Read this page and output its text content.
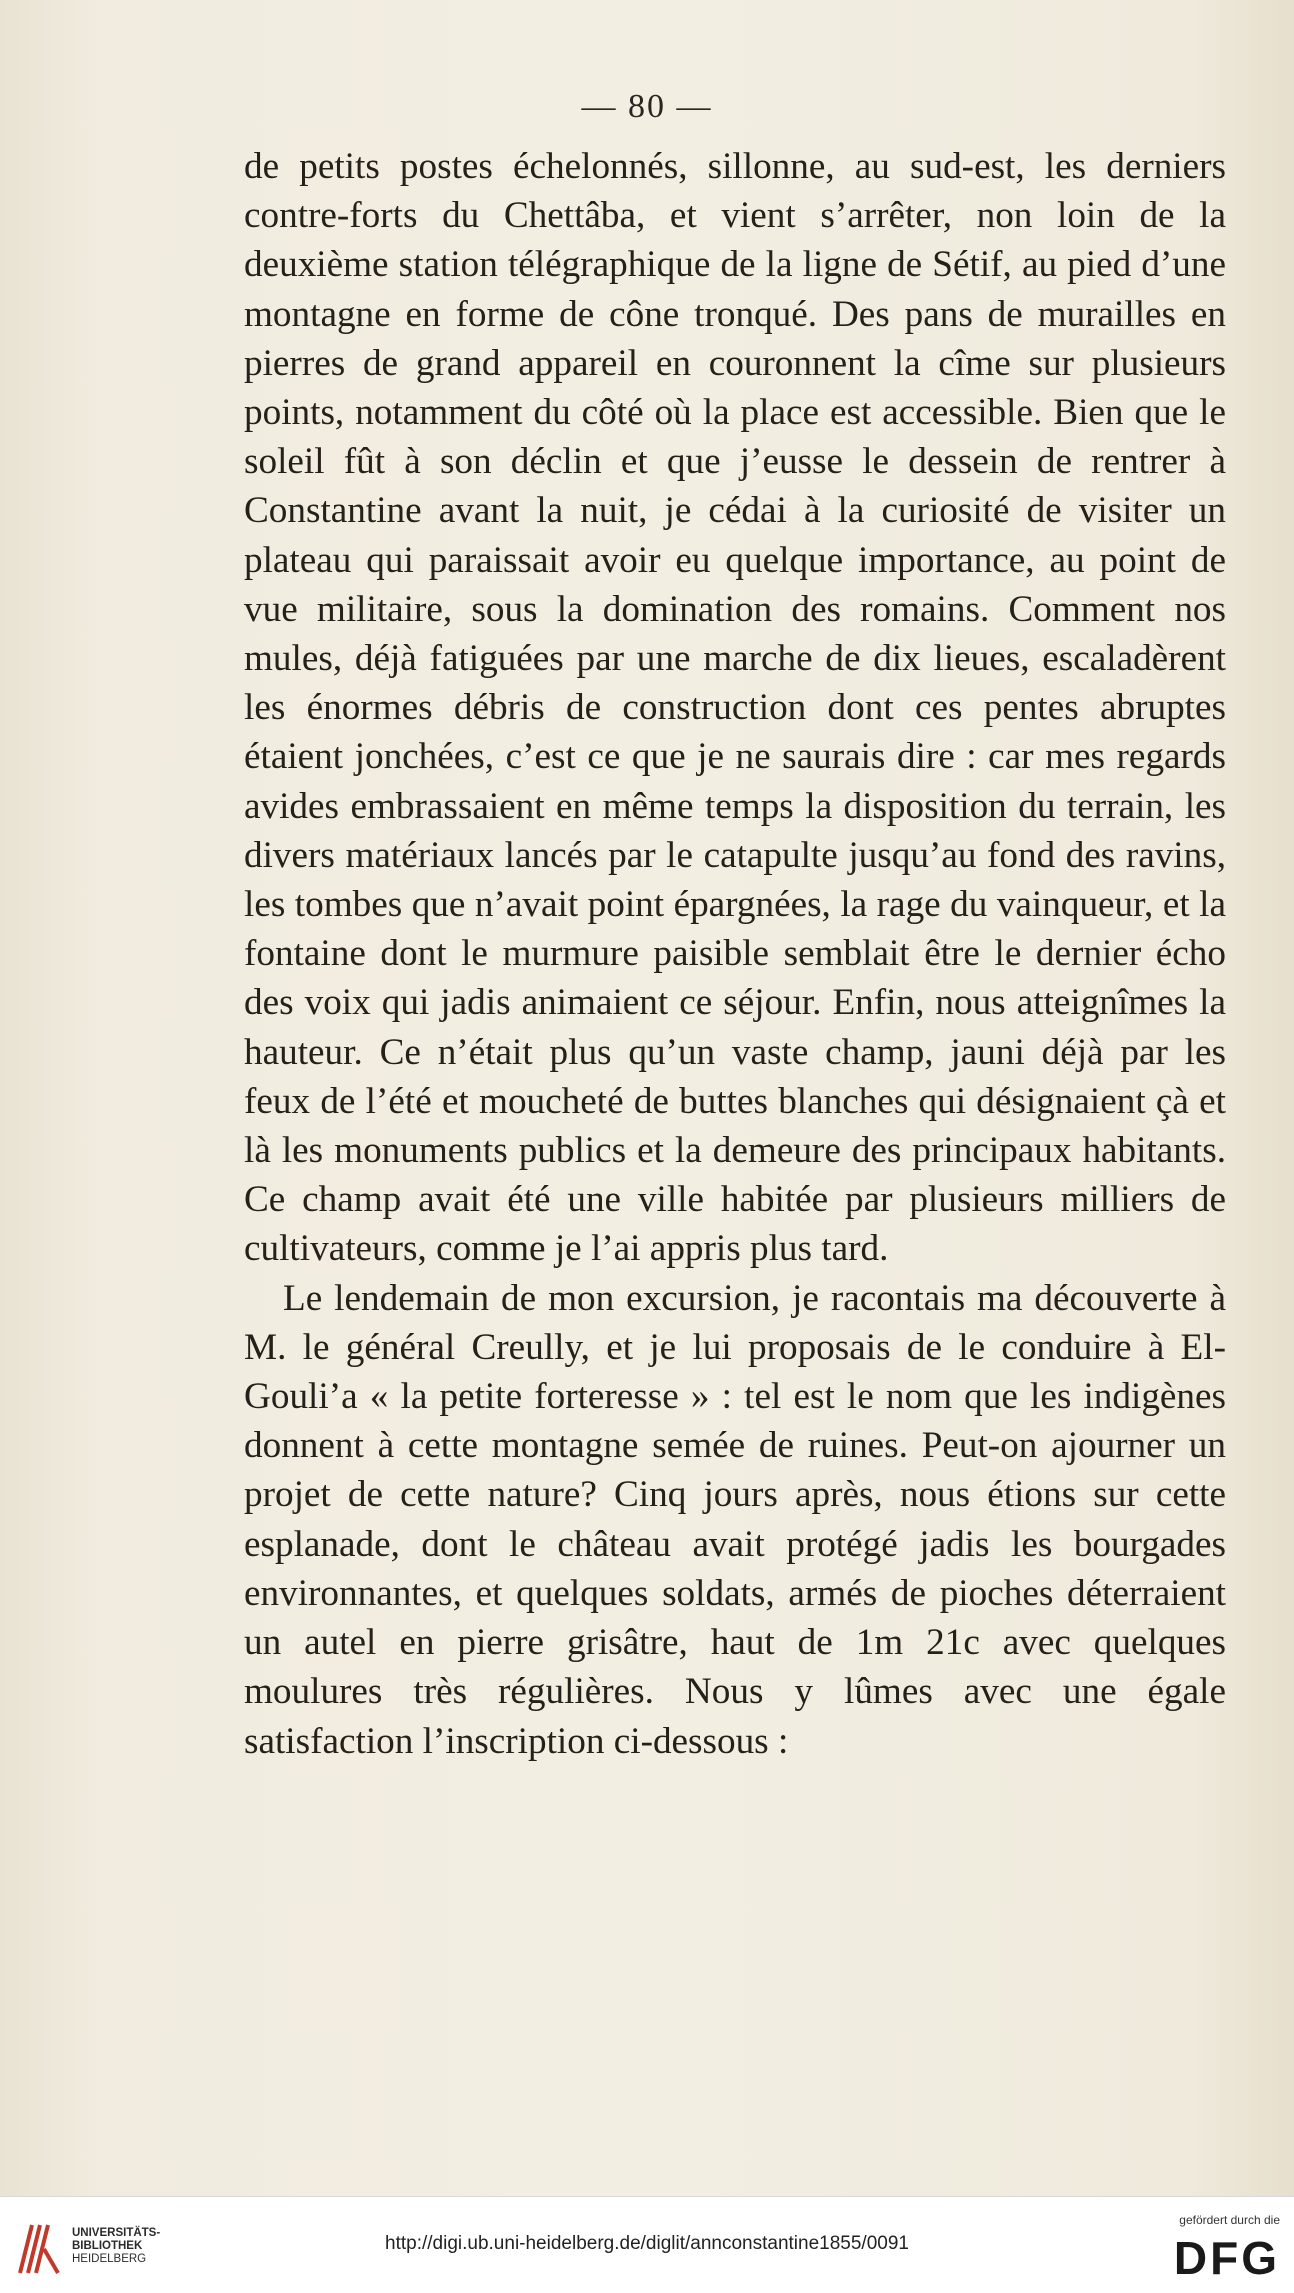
— 80 —

de petits postes échelonnés, sillonne, au sud-est, les derniers contre-forts du Chettâba, et vient s’arrêter, non loin de la deuxième station télégraphique de la ligne de Sétif, au pied d’une montagne en forme de cône tronqué. Des pans de murailles en pierres de grand appareil en couronnent la cîme sur plusieurs points, notamment du côté où la place est accessible. Bien que le soleil fût à son déclin et que j’eusse le dessein de rentrer à Constantine avant la nuit, je cédai à la curiosité de visiter un plateau qui paraissait avoir eu quelque importance, au point de vue militaire, sous la domination des romains. Comment nos mules, déjà fatiguées par une marche de dix lieues, escaladèrent les énormes débris de construction dont ces pentes abruptes étaient jonchées, c’est ce que je ne saurais dire : car mes regards avides embrassaient en même temps la disposition du terrain, les divers matériaux lancés par le catapulte jusqu’au fond des ravins, les tombes que n’avait point épargnées, la rage du vainqueur, et la fontaine dont le murmure paisible semblait être le dernier écho des voix qui jadis animaient ce séjour. Enfin, nous atteignîmes la hauteur. Ce n’était plus qu’un vaste champ, jauni déjà par les feux de l’été et moucheté de buttes blanches qui désignaient çà et là les monuments publics et la demeure des principaux habitants. Ce champ avait été une ville habitée par plusieurs milliers de cultivateurs, comme je l’ai appris plus tard.

Le lendemain de mon excursion, je racontais ma découverte à M. le général Creully, et je lui proposais de le conduire à El-Gouli’a « la petite forteresse » : tel est le nom que les indigènes donnent à cette montagne semée de ruines. Peut-on ajourner un projet de cette nature? Cinq jours après, nous étions sur cette esplanade, dont le château avait protégé jadis les bourgades environnantes, et quelques soldats, armés de pioches déterraient un autel en pierre grisâtre, haut de 1m 21c avec quelques moulures très régulières. Nous y lûmes avec une égale satisfaction l’inscription ci-dessous :

UNIVERSITÄTS-
BIBLIOTHEK
HEIDELBERG
http://digi.ub.uni-heidelberg.de/diglit/annconstantine1855/0091
gefördert durch die
DFG
